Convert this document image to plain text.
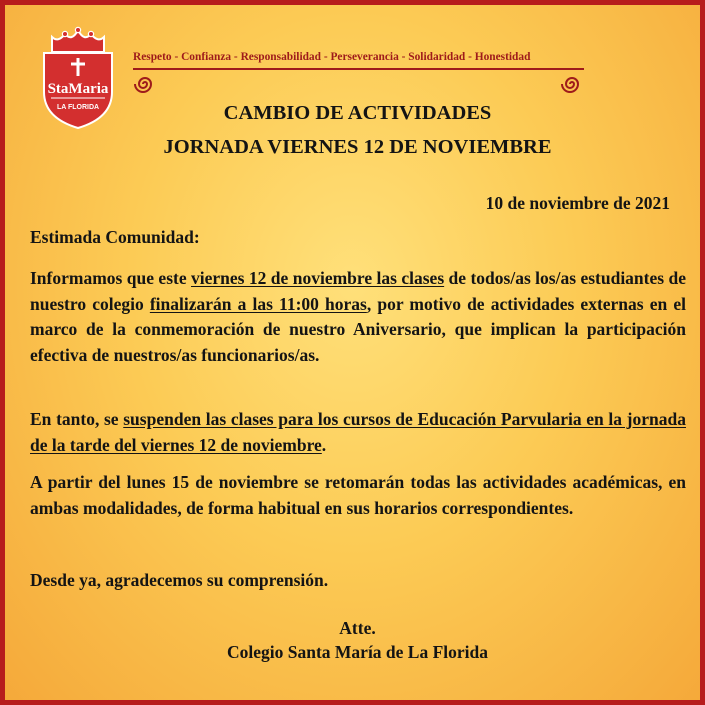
StaMaria
LA FLORIDA
Respeto - Confianza - Responsabilidad - Perseverancia - Solidaridad - Honestidad
CAMBIO DE ACTIVIDADES
JORNADA VIERNES 12 DE NOVIEMBRE
10 de noviembre de 2021

Estimada Comunidad:

Informamos que este viernes 12 de noviembre las clases de todos/as los/as estudiantes de nuestro colegio finalizarán a las 11:00 horas, por motivo de actividades externas en el marco de la conmemoración de nuestro Aniversario, que implican la participación efectiva de nuestros/as funcionarios/as.

En tanto, se suspenden las clases para los cursos de Educación Parvularia en la jornada de la tarde del viernes 12 de noviembre.

A partir del lunes 15 de noviembre se retomarán todas las actividades académicas, en ambas modalidades, de forma habitual en sus horarios correspondientes.

Desde ya, agradecemos su comprensión.

Atte.
Colegio Santa María de La Florida
